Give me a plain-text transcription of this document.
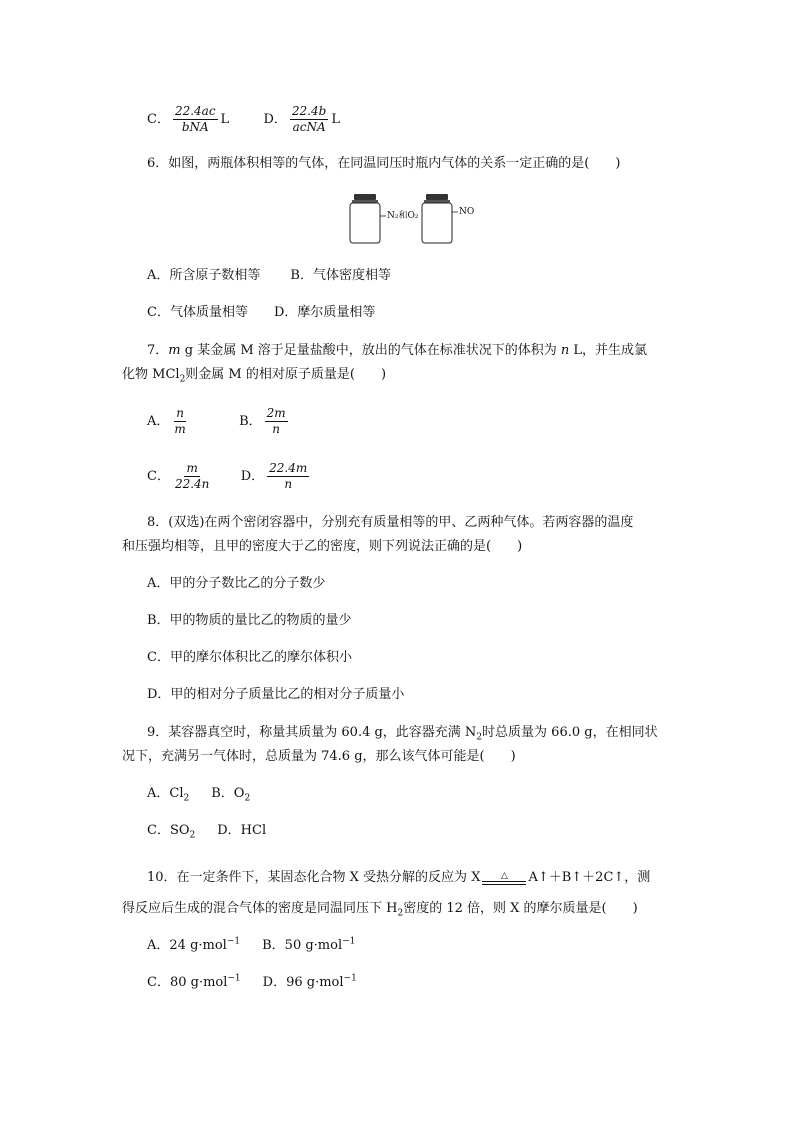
C． $\frac{22.4ac}{\text{bNA}}$ L	D． $\frac{22.4b}{\text{acNA}}$ L
6．如图，两瓶体积相等的气体，在同温同压时瓶内气体的关系一定正确的是(　　)
N₂和O₂	NO
A．所含原子数相等 B．气体密度相等
C．气体质量相等 D．摩尔质量相等
7．m g 某金属 M 溶于足量盐酸中，放出的气体在标准状况下的体积为 n L，并生成氯
化物 MCl$_2$则金属 M 的相对原子质量是(　　)
A． $\frac{n}{m}$	B． $\frac{2m}{n}$
C． $\frac{m}{22.4n}$ D． $\frac{22.4m}{n}$
8．(双选)在两个密闭容器中，分别充有质量相等的甲、乙两种气体。若两容器的温度
和压强均相等，且甲的密度大于乙的密度，则下列说法正确的是(　　)
A．甲的分子数比乙的分子数少
B．甲的物质的量比乙的物质的量少
C．甲的摩尔体积比乙的摩尔体积小
D．甲的相对分子质量比乙的相对分子质量小
9．某容器真空时，称量其质量为 60.4 g，此容器充满 $N_2$时总质量为 66.0 g，在相同状
况下，充满另一气体时，总质量为 74.6 g，那么该气体可能是(　　)
A．$Cl_2$ B．$O_2$
C．$SO_2$ D．HCl
10．在一定条件下，某固态化合物 X 受热分解的反应为 X △ A↑＋B↑＋2C↑，测
得反应后生成的混合气体的密度是同温同压下 $H_2$密度的 12 倍，则 X 的摩尔质量是(　　)
A．24 g·mol$^{-1}$ B．50 g·mol$^{-1}$
C．80 g·mol$^{-1}$ D．96 g·mol$^{-1}$
